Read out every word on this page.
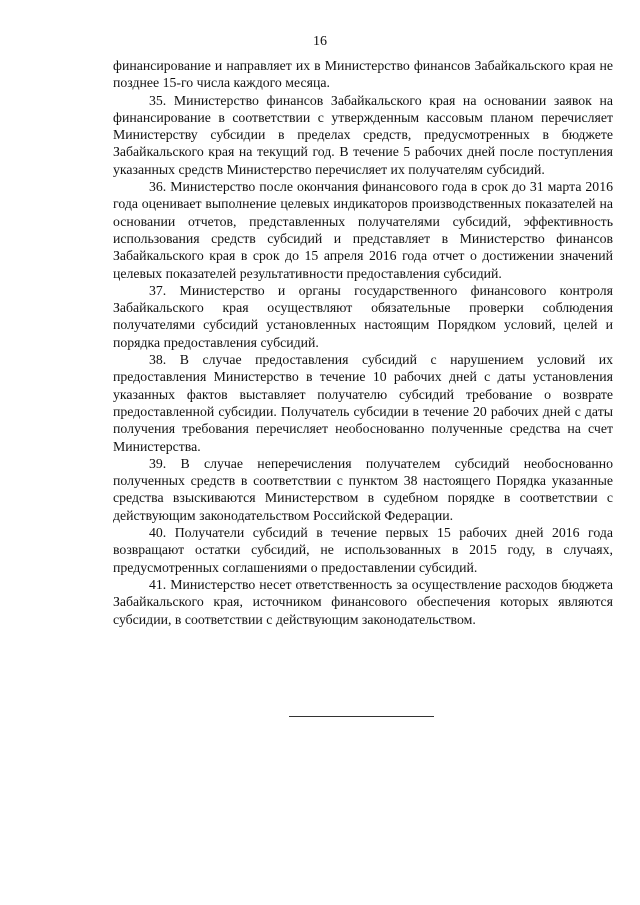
16

финансирование и направляет их в Министерство финансов Забайкальского края не позднее 15-го числа каждого месяца.

35. Министерство финансов Забайкальского края на основании заявок на финансирование в соответствии с утвержденным кассовым планом перечисляет Министерству субсидии в пределах средств, предусмотренных в бюджете Забайкальского края на текущий год. В течение 5 рабочих дней после поступления указанных средств Министерство перечисляет их получателям субсидий.

36. Министерство после окончания финансового года в срок до 31 марта 2016 года оценивает выполнение целевых индикаторов производственных показателей на основании отчетов, представленных получателями субсидий, эффективность использования средств субсидий и представляет в Министерство финансов Забайкальского края в срок до 15 апреля 2016 года отчет о достижении значений целевых показателей результативности предоставления субсидий.

37. Министерство и органы государственного финансового контроля Забайкальского края осуществляют обязательные проверки соблюдения получателями субсидий установленных настоящим Порядком условий, целей и порядка предоставления субсидий.

38. В случае предоставления субсидий с нарушением условий их предоставления Министерство в течение 10 рабочих дней с даты установления указанных фактов выставляет получателю субсидий требование о возврате предоставленной субсидии. Получатель субсидии в течение 20 рабочих дней с даты получения требования перечисляет необоснованно полученные средства на счет Министерства.

39. В случае неперечисления получателем субсидий необоснованно полученных средств в соответствии с пунктом 38 настоящего Порядка указанные средства взыскиваются Министерством в судебном порядке в соответствии с действующим законодательством Российской Федерации.

40. Получатели субсидий в течение первых 15 рабочих дней 2016 года возвращают остатки субсидий, не использованных в 2015 году, в случаях, предусмотренных соглашениями о предоставлении субсидий.

41. Министерство несет ответственность за осуществление расходов бюджета Забайкальского края, источником финансового обеспечения которых являются субсидии, в соответствии с действующим законодательством.
